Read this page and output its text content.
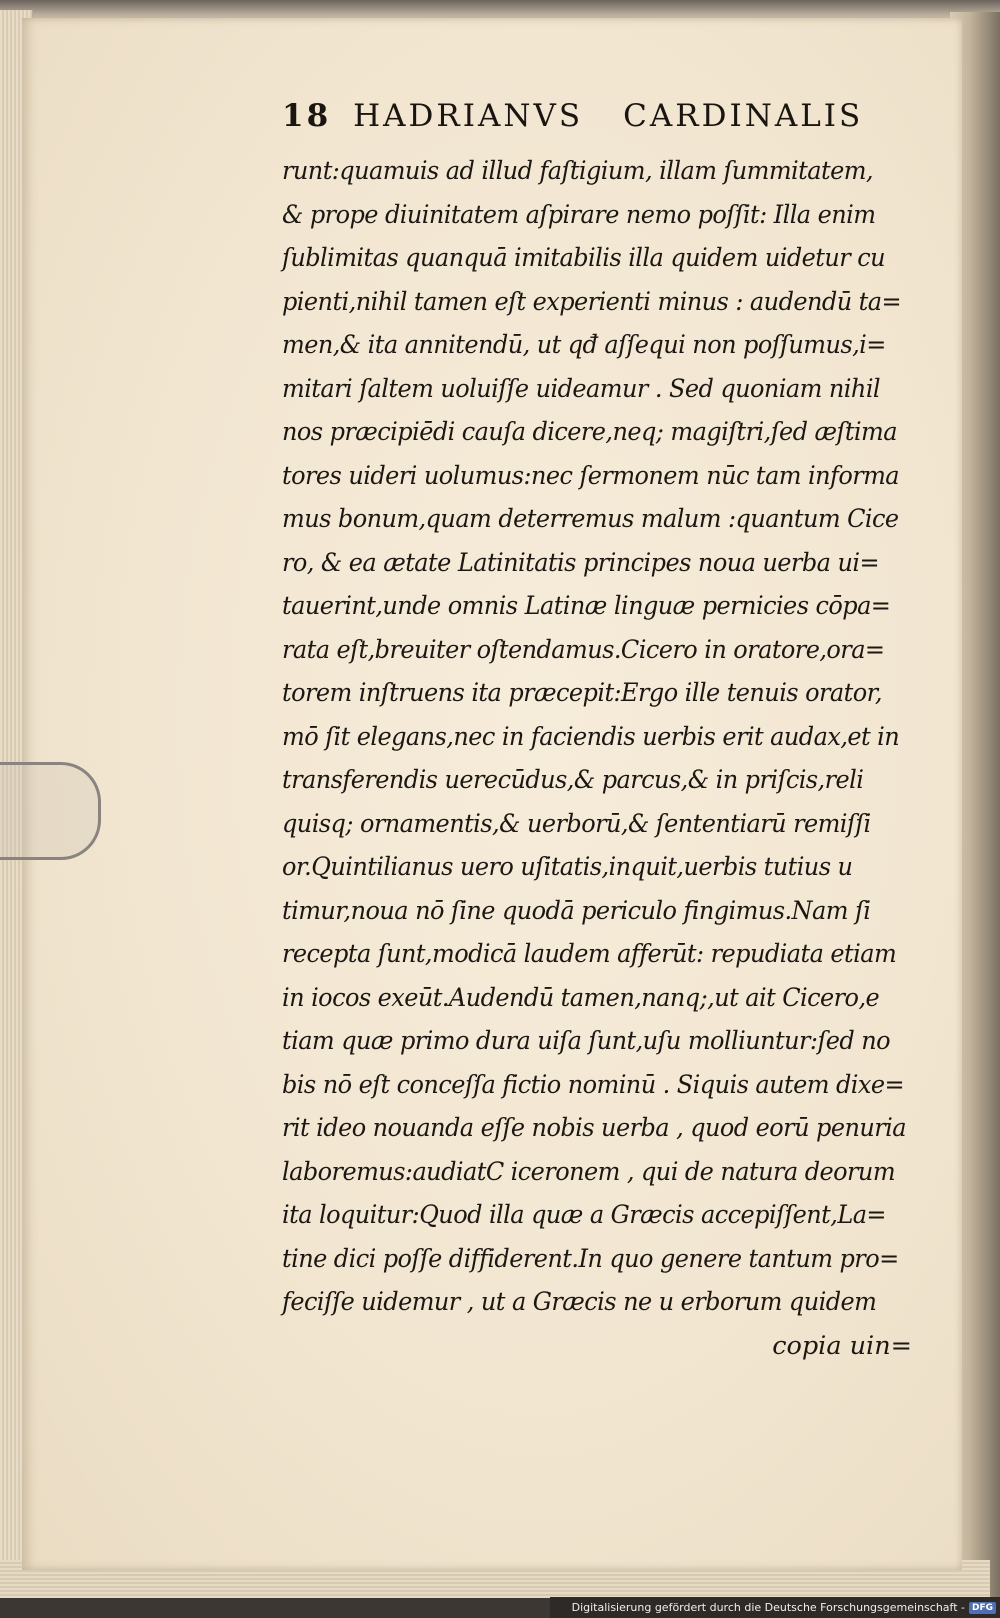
18 HADRIANVS CARDINALIS
runt:quamuis ad illud faſtigium, illam ſummitatem,
& prope diuinitatem aſpirare nemo poſſit: Illa enim
ſublimitas quanquā imitabilis illa quidem uidetur cu
pienti,nihil tamen eſt experienti minus : audendū ta=
men,& ita annitendū, ut qđ aſſequi non poſſumus,i=
mitari ſaltem uoluiſſe uideamur . Sed quoniam nihil
nos præcipiēdi cauſa dicere,neq; magiſtri,ſed æſtima
tores uideri uolumus:nec ſermonem nūc tam informa
mus bonum,quam deterremus malum :quantum Cice
ro, & ea ætate Latinitatis principes noua uerba ui=
tauerint,unde omnis Latinæ linguæ pernicies cōpa=
rata eſt,breuiter oſtendamus.Cicero in oratore,ora=
torem inſtruens ita præcepit:Ergo ille tenuis orator,
mō ſit elegans,nec in faciendis uerbis erit audax,et in
transferendis uerecūdus,& parcus,& in priſcis,reli
quisq; ornamentis,& uerborū,& ſententiarū remiſſi
or.Quintilianus uero uſitatis,inquit,uerbis tutius u
timur,noua nō ſine quodā periculo fingimus.Nam ſi
recepta ſunt,modicā laudem afferūt: repudiata etiam
in iocos exeūt.Audendū tamen,nanq;,ut ait Cicero,e
tiam quæ primo dura uiſa ſunt,uſu molliuntur:ſed no
bis nō eſt conceſſa fictio nominū . Siquis autem dixe=
rit ideo nouanda eſſe nobis uerba , quod eorū penuria
laboremus:audiatC iceronem , qui de natura deorum
ita loquitur:Quod illa quæ a Græcis accepiſſent,La=
tine dici poſſe diffiderent.In quo genere tantum pro=
feciſſe uidemur , ut a Græcis ne u erborum quidem
copia uin=
Digitalisierung gefördert durch die Deutsche Forschungsgemeinschaft - DFG
